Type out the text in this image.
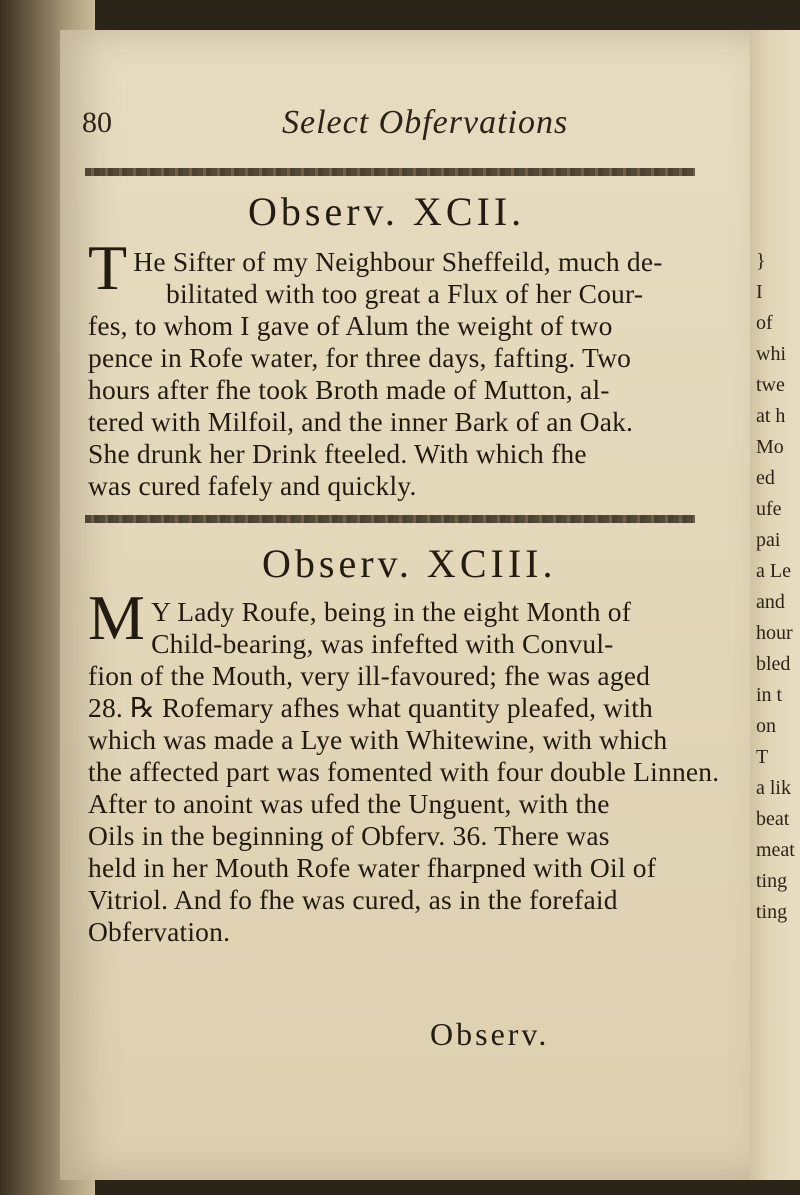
}
I
of
whi
twe
at h
Mo
ed
ufe
pai
a Le
and
hour
bled
in t
on
T
a lik
beat
meat
ting
ting
80	Select Obfervations
Observ. XCII.
T He Sifter of my Neighbour Sheffeild, much de-
bilitated with too great a Flux of her Cour-
fes, to whom I gave of Alum the weight of two
pence in Rofe water, for three days, fafting. Two
hours after fhe took Broth made of Mutton, al-
tered with Milfoil, and the inner Bark of an Oak.
She drunk her Drink fteeled. With which fhe
was cured fafely and quickly.
Observ. XCIII.
M Y Lady Roufe, being in the eight Month of
Child-bearing, was infefted with Convul-
fion of the Mouth, very ill-favoured; fhe was aged
28. ℞ Rofemary afhes what quantity pleafed, with
which was made a Lye with Whitewine, with which
the affected part was fomented with four double Linnen.
After to anoint was ufed the Unguent, with the
Oils in the beginning of Obferv. 36. There was
held in her Mouth Rofe water fharpned with Oil of
Vitriol. And fo fhe was cured, as in the forefaid
Obfervation.
Observ.
